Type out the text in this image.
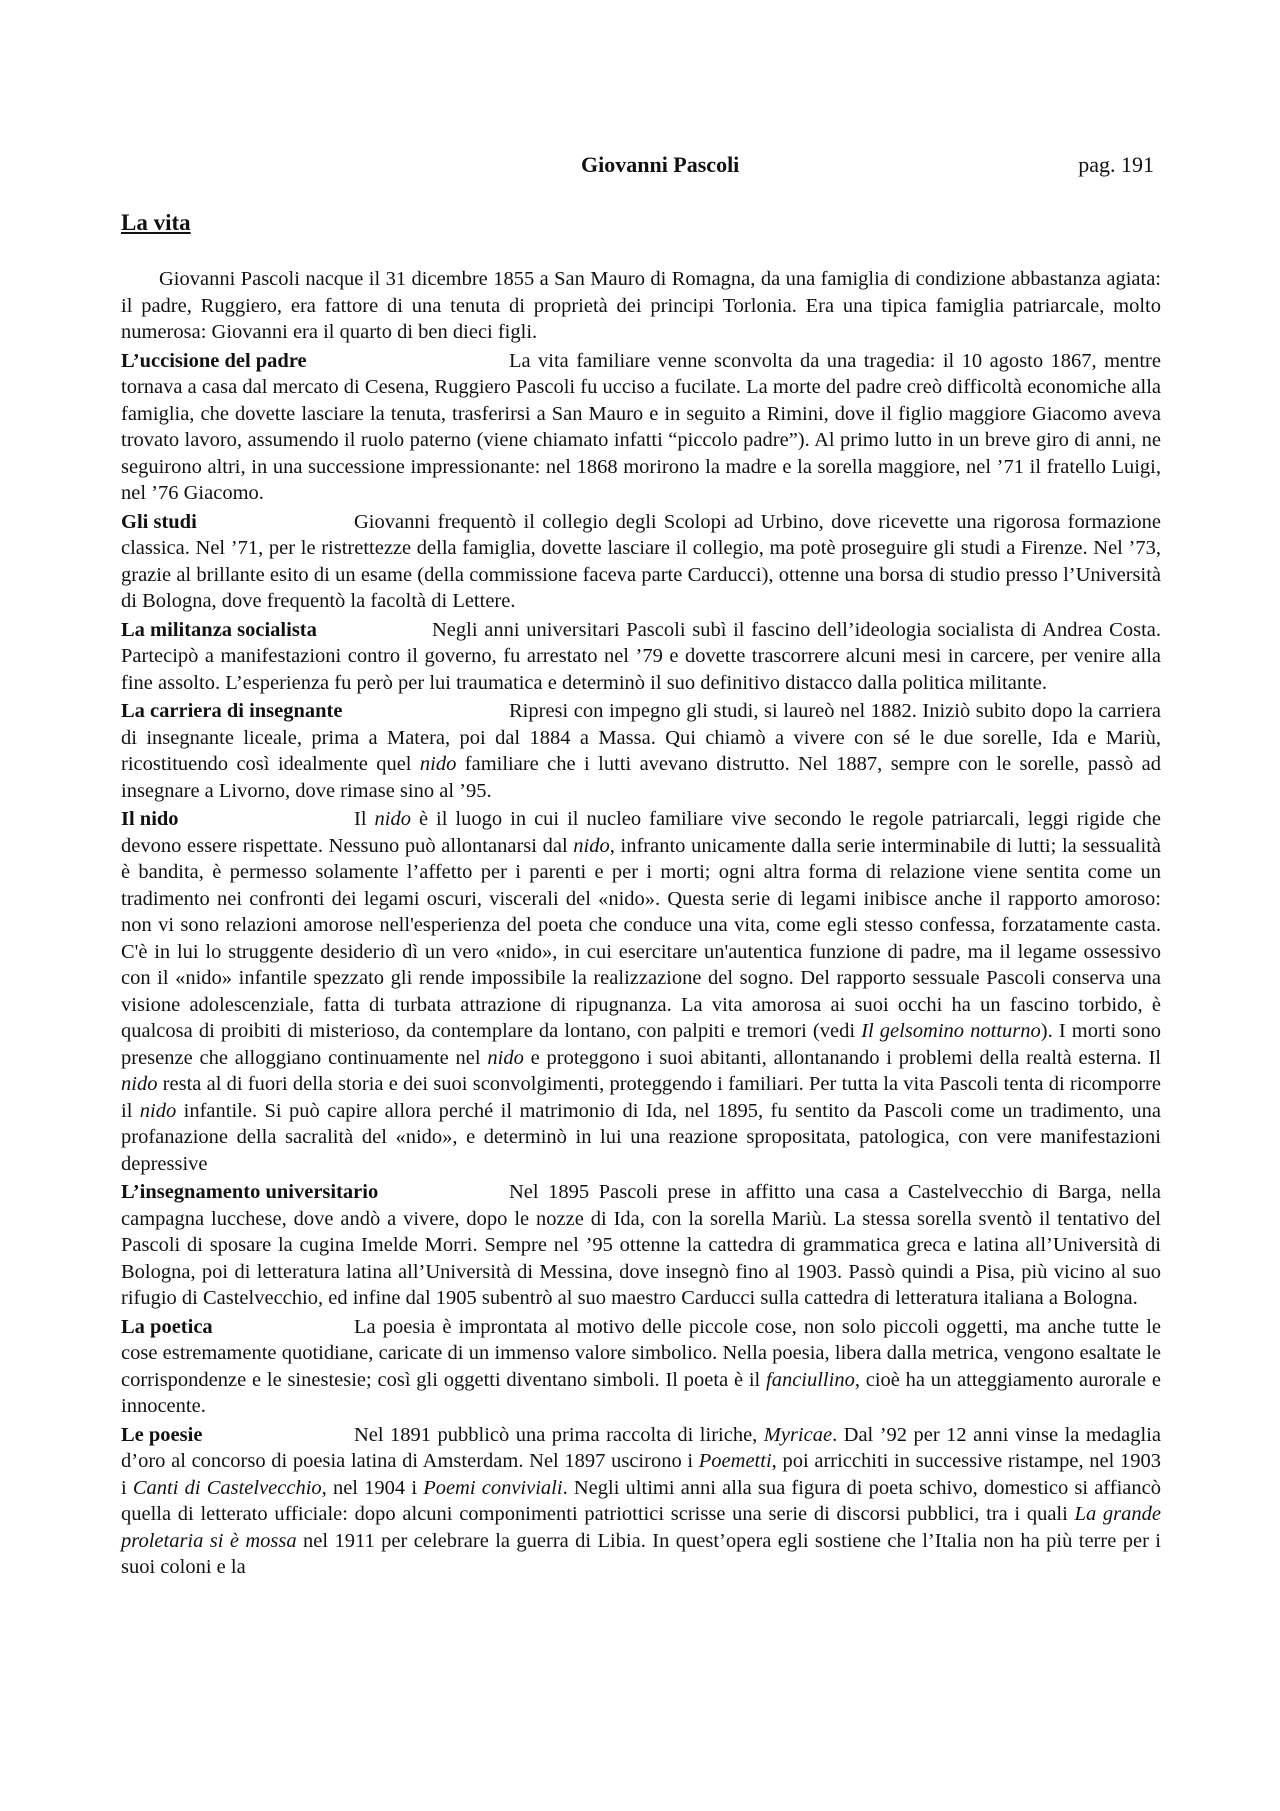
Giovanni Pascoli	pag. 191
La vita

Giovanni Pascoli nacque il 31 dicembre 1855 a San Mauro di Romagna, da una famiglia di condizione abbastanza agiata: il padre, Ruggiero, era fattore di una tenuta di proprietà dei principi Torlonia. Era una tipica famiglia patriarcale, molto numerosa: Giovanni era il quarto di ben dieci figli.

L’uccisione del padre	La vita familiare venne sconvolta da una tragedia: il 10 agosto 1867, mentre tornava a casa dal mercato di Cesena, Ruggiero Pascoli fu ucciso a fucilate. La morte del padre creò difficoltà economiche alla famiglia, che dovette lasciare la tenuta, trasferirsi a San Mauro e in seguito a Rimini, dove il figlio maggiore Giacomo aveva trovato lavoro, assumendo il ruolo paterno (viene chiamato infatti “piccolo padre”). Al primo lutto in un breve giro di anni, ne seguirono altri, in una successione impressionante: nel 1868 morirono la madre e la sorella maggiore, nel ’71 il fratello Luigi, nel ’76 Giacomo.

Gli studi	Giovanni frequentò il collegio degli Scolopi ad Urbino, dove ricevette una rigorosa formazione classica. Nel ’71, per le ristrettezze della famiglia, dovette lasciare il collegio, ma potè proseguire gli studi a Firenze. Nel ’73, grazie al brillante esito di un esame (della commissione faceva parte Carducci), ottenne una borsa di studio presso l’Università di Bologna, dove frequentò la facoltà di Lettere.

La militanza socialista	Negli anni universitari Pascoli subì il fascino dell’ideologia socialista di Andrea Costa. Partecipò a manifestazioni contro il governo, fu arrestato nel ’79 e dovette trascorrere alcuni mesi in carcere, per venire alla fine assolto. L’esperienza fu però per lui traumatica e determinò il suo definitivo distacco dalla politica militante.

La carriera di insegnante	Ripresi con impegno gli studi, si laureò nel 1882. Iniziò subito dopo la carriera di insegnante liceale, prima a Matera, poi dal 1884 a Massa. Qui chiamò a vivere con sé le due sorelle, Ida e Mariù, ricostituendo così idealmente quel nido familiare che i lutti avevano distrutto. Nel 1887, sempre con le sorelle, passò ad insegnare a Livorno, dove rimase sino al ’95.

Il nido	Il nido è il luogo in cui il nucleo familiare vive secondo le regole patriarcali, leggi rigide che devono essere rispettate. Nessuno può allontanarsi dal nido, infranto unicamente dalla serie interminabile di lutti; la sessualità è bandita, è permesso solamente l’affetto per i parenti e per i morti; ogni altra forma di relazione viene sentita come un tradimento nei confronti dei legami oscuri, viscerali del «nido». Questa serie di legami inibisce anche il rapporto amoroso: non vi sono relazioni amorose nell'esperienza del poeta che conduce una vita, come egli stesso confessa, forzatamente casta. C'è in lui lo struggente desiderio dì un vero «nido», in cui esercitare un'autentica funzione di padre, ma il legame ossessivo con il «nido» infantile spezzato gli rende impossibile la realizzazione del sogno. Del rapporto sessuale Pascoli conserva una visione adolescenziale, fatta di turbata attrazione di ripugnanza. La vita amorosa ai suoi occhi ha un fascino torbido, è qualcosa di proibiti di misterioso, da contemplare da lontano, con palpiti e tremori (vedi Il gelsomino notturno). I morti sono presenze che alloggiano continuamente nel nido e proteggono i suoi abitanti, allontanando i problemi della realtà esterna. Il nido resta al di fuori della storia e dei suoi sconvolgimenti, proteggendo i familiari. Per tutta la vita Pascoli tenta di ricomporre il nido infantile. Si può capire allora perché il matrimonio di Ida, nel 1895, fu sentito da Pascoli come un tradimento, una profanazione della sacralità del «nido», e determinò in lui una reazione spropositata, patologica, con vere manifestazioni depressive

L’insegnamento universitario	Nel 1895 Pascoli prese in affitto una casa a Castelvecchio di Barga, nella campagna lucchese, dove andò a vivere, dopo le nozze di Ida, con la sorella Mariù. La stessa sorella sventò il tentativo del Pascoli di sposare la cugina Imelde Morri. Sempre nel ’95 ottenne la cattedra di grammatica greca e latina all’Università di Bologna, poi di letteratura latina all’Università di Messina, dove insegnò fino al 1903. Passò quindi a Pisa, più vicino al suo rifugio di Castelvecchio, ed infine dal 1905 subentrò al suo maestro Carducci sulla cattedra di letteratura italiana a Bologna.

La poetica	La poesia è improntata al motivo delle piccole cose, non solo piccoli oggetti, ma anche tutte le cose estremamente quotidiane, caricate di un immenso valore simbolico. Nella poesia, libera dalla metrica, vengono esaltate le corrispondenze e le sinestesie; così gli oggetti diventano simboli. Il poeta è il fanciullino, cioè ha un atteggiamento aurorale e innocente.

Le poesie	Nel 1891 pubblicò una prima raccolta di liriche, Myricae. Dal ’92 per 12 anni vinse la medaglia d’oro al concorso di poesia latina di Amsterdam. Nel 1897 uscirono i Poemetti, poi arricchiti in successive ristampe, nel 1903 i Canti di Castelvecchio, nel 1904 i Poemi conviviali. Negli ultimi anni alla sua figura di poeta schivo, domestico si affiancò quella di letterato ufficiale: dopo alcuni componimenti patriottici scrisse una serie di discorsi pubblici, tra i quali La grande proletaria si è mossa nel 1911 per celebrare la guerra di Libia. In quest’opera egli sostiene che l’Italia non ha più terre per i suoi coloni e la
